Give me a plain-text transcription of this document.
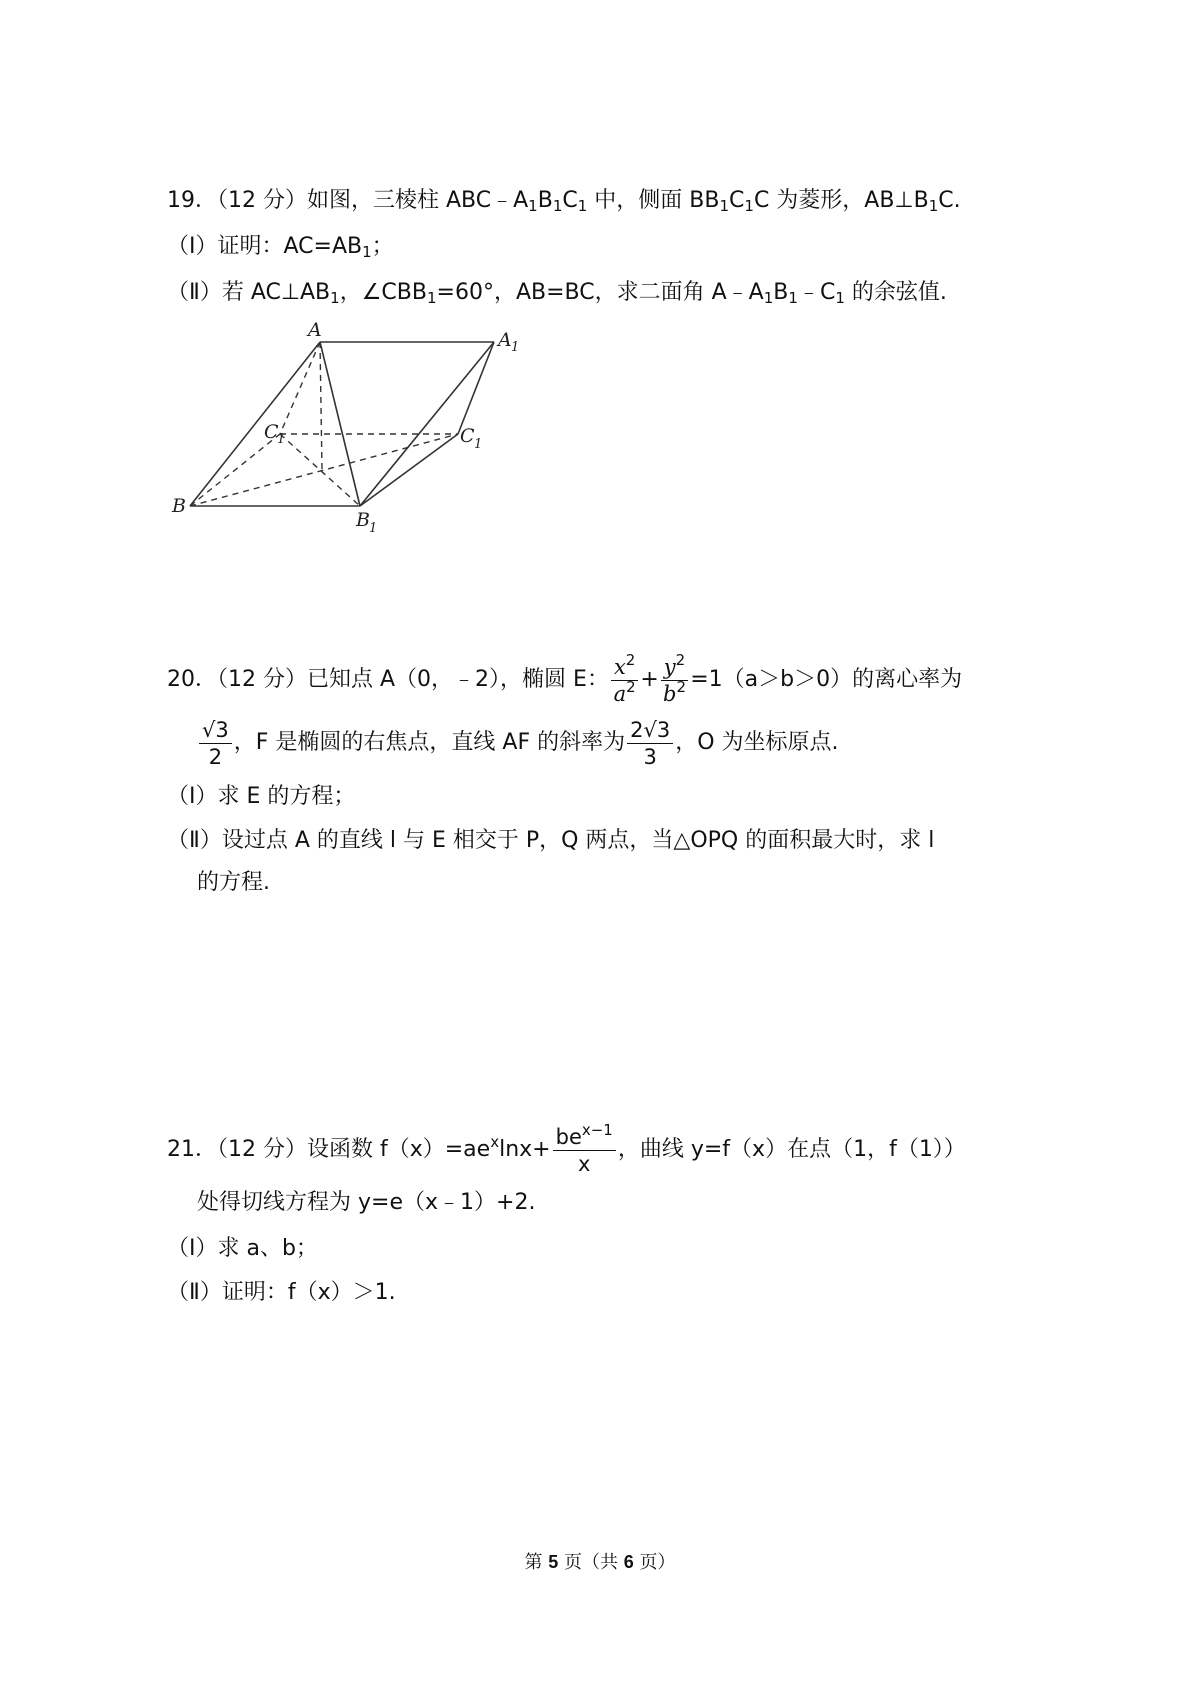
19．（12 分）如图，三棱柱 $ABC﹣A_1B_1C_1$ 中，侧面 $BB_1C_1C$ 为菱形，$AB\perp B_1C$.
（Ⅰ）证明：$AC=AB_1$；
（Ⅱ）若 $AC\perp AB_1$，$\angle CBB_1=60^\circ$，AB=BC，求二面角 $A﹣A_1B_1﹣C_1$ 的余弦值.
A	A 1
C
1	C 1
B
B 1
20．（12 分）已知点 A（0，﹣2），椭圆 E： $\frac{x^2}{a^2} + \frac{y^2}{b^2} =1(a>b>0)$的离心率为
$\frac{√3}{2}$ ，F 是椭圆的右焦点，直线 AF 的斜率为 $\frac{2√3}{3}$ ，O 为坐标原点.
（Ⅰ）求 E 的方程；
（Ⅱ）设过点 A 的直线 l 与 E 相交于 P，Q 两点，当△OPQ 的面积最大时，求 l
的方程.
21．（12 分）设函数 $f(x)=ae^x\ln x+ \frac{be^{x-1}}{x}$ ，曲线 y=f（x）在点（1，f（1））
处得切线方程为 y=e（x﹣1）+2.
（Ⅰ）求 a、b；
（Ⅱ）证明：f（x）＞1.
第 5 页（共 6 页）
